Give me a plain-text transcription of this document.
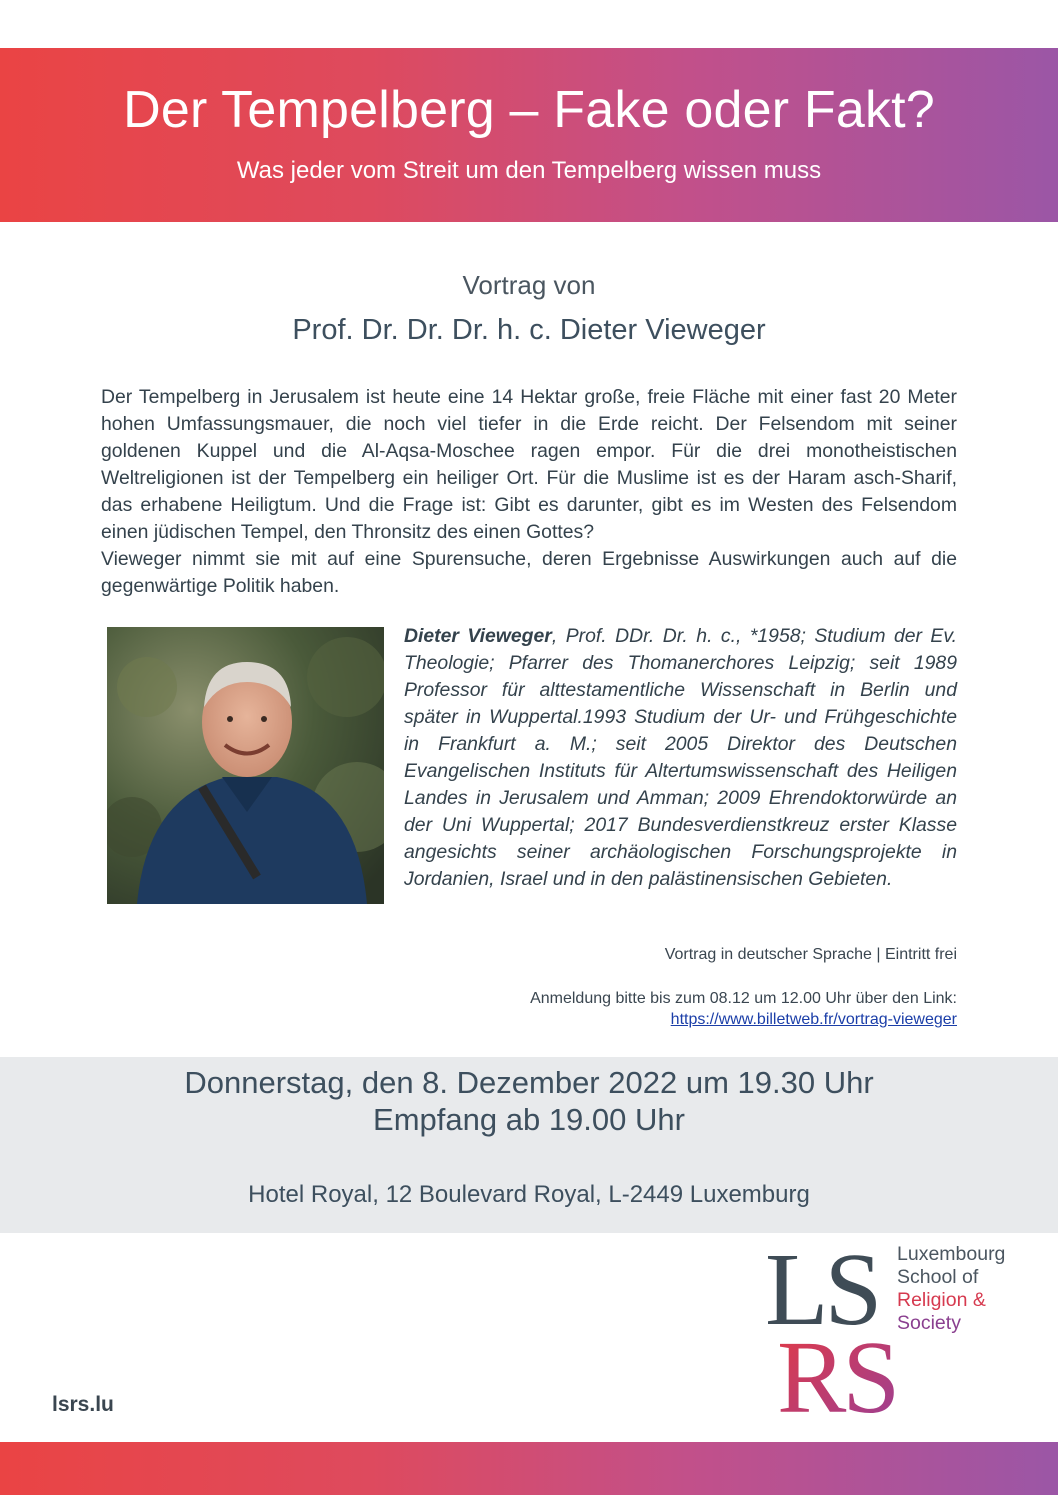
Der Tempelberg – Fake oder Fakt?
Was jeder vom Streit um den Tempelberg wissen muss
Vortrag von
Prof. Dr. Dr. Dr. h. c. Dieter Vieweger

Der Tempelberg in Jerusalem ist heute eine 14 Hektar große, freie Fläche mit einer fast 20 Meter hohen Umfassungsmauer, die noch viel tiefer in die Erde reicht. Der Felsendom mit seiner goldenen Kuppel und die Al-Aqsa-Moschee ragen empor. Für die drei monotheistischen Weltreligionen ist der Tempelberg ein heiliger Ort. Für die Muslime ist es der Haram asch-Sharif, das erhabene Heiligtum. Und die Frage ist: Gibt es darunter, gibt es im Westen des Felsendom einen jüdischen Tempel, den Thronsitz des einen Gottes?

Vieweger nimmt sie mit auf eine Spurensuche, deren Ergebnisse Auswirkungen auch auf die gegenwärtige Politik haben.

Dieter Vieweger, Prof. DDr. Dr. h. c., *1958; Studium der Ev. Theologie; Pfarrer des Thomanerchores Leipzig; seit 1989 Professor für alttestamentliche Wissenschaft in Berlin und später in Wuppertal.1993 Studium der Ur- und Frühgeschichte in Frankfurt a. M.; seit 2005 Direktor des Deutschen Evangelischen Instituts für Altertumswissenschaft des Heiligen Landes in Jerusalem und Amman; 2009 Ehrendoktorwürde an der Uni Wuppertal; 2017 Bundesverdienstkreuz erster Klasse angesichts seiner archäologischen Forschungsprojekte in Jordanien, Israel und in den palästinensischen Gebieten.
Vortrag in deutscher Sprache | Eintritt frei
Anmeldung bitte bis zum 08.12 um 12.00 Uhr über den Link:
https://www.billetweb.fr/vortrag-vieweger
Donnerstag, den 8. Dezember 2022 um 19.30 Uhr
Empfang ab 19.00 Uhr
Hotel Royal, 12 Boulevard Royal, L-2449 Luxemburg
LS
RS
Luxembourg
School of
Religion &
Society
lsrs.lu
